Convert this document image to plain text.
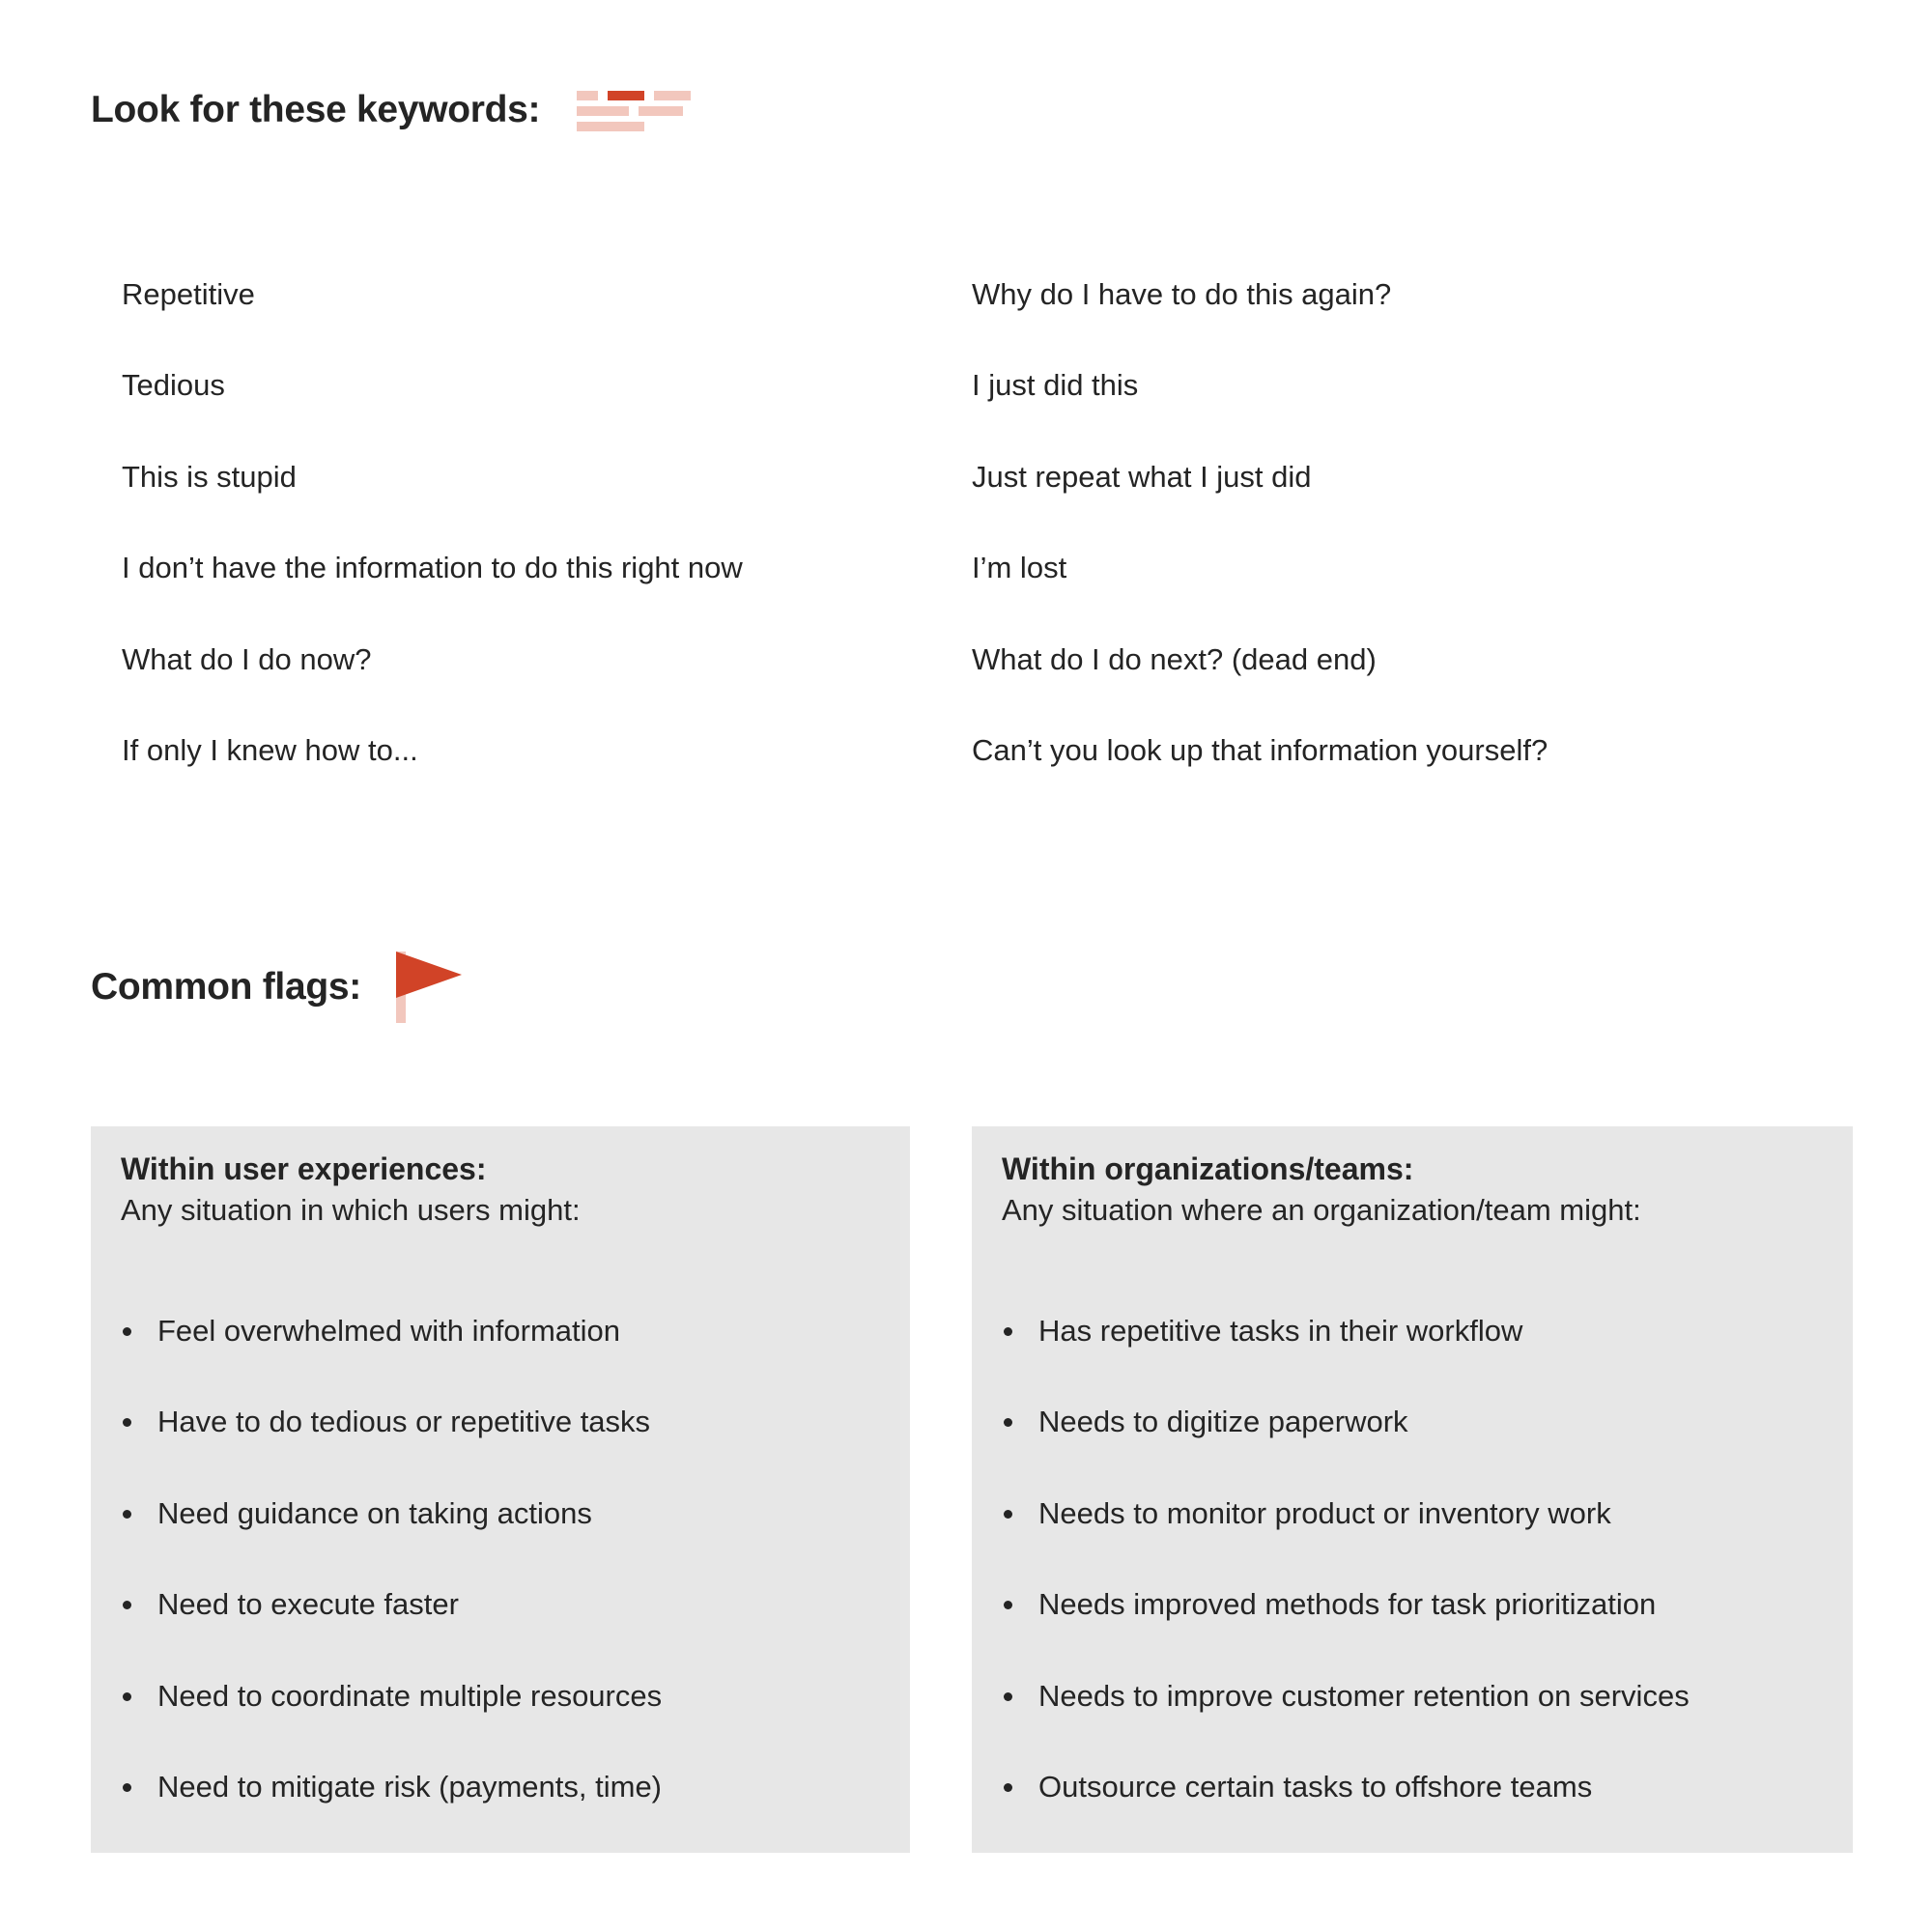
Look for these keywords:
Repetitive
Tedious
This is stupid
I don’t have the information to do this right now
What do I do now?
If only I knew how to...
Why do I have to do this again?
I just did this
Just repeat what I just did
I’m lost
What do I do next? (dead end)
Can’t you look up that information yourself?
Common flags:
Within user experiences:
Any situation in which users might:
Feel overwhelmed with information
Have to do tedious or repetitive tasks
Need guidance on taking actions
Need to execute faster
Need to coordinate multiple resources
Need to mitigate risk (payments, time)
Within organizations/teams:
Any situation where an organization/team might:
Has repetitive tasks in their workflow
Needs to digitize paperwork
Needs to monitor product or inventory work
Needs improved methods for task prioritization
Needs to improve customer retention on services
Outsource certain tasks to offshore teams
